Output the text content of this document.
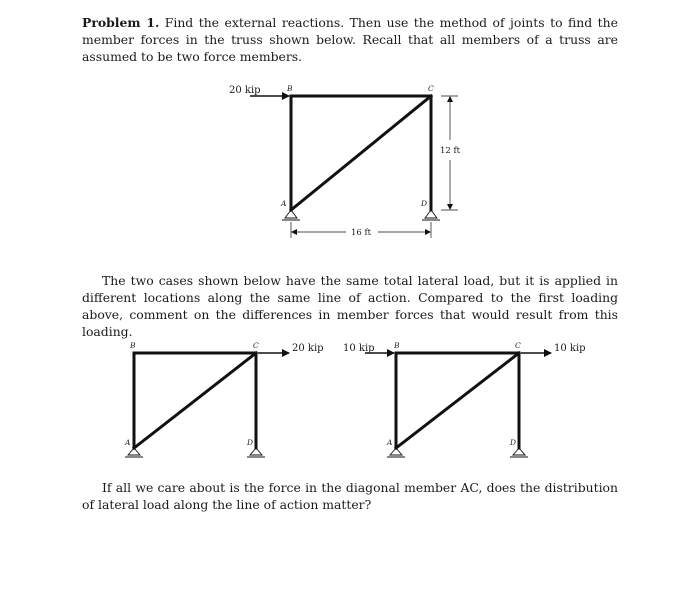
Problem 1. Find the external reactions. Then use the method of joints to find the member forces in the truss shown below. Recall that all members of a truss are assumed to be two force members.

20 kip	B	C
A	D
16 ft
12 ft
20 kip
B	C
A	D
10 kip	10 kip
B	C
A	D

The two cases shown below have the same total lateral load, but it is applied in different locations along the same line of action. Compared to the first loading above, comment on the differences in member forces that would result from this loading.

If all we care about is the force in the diagonal member AC, does the distribution of lateral load along the line of action matter?
